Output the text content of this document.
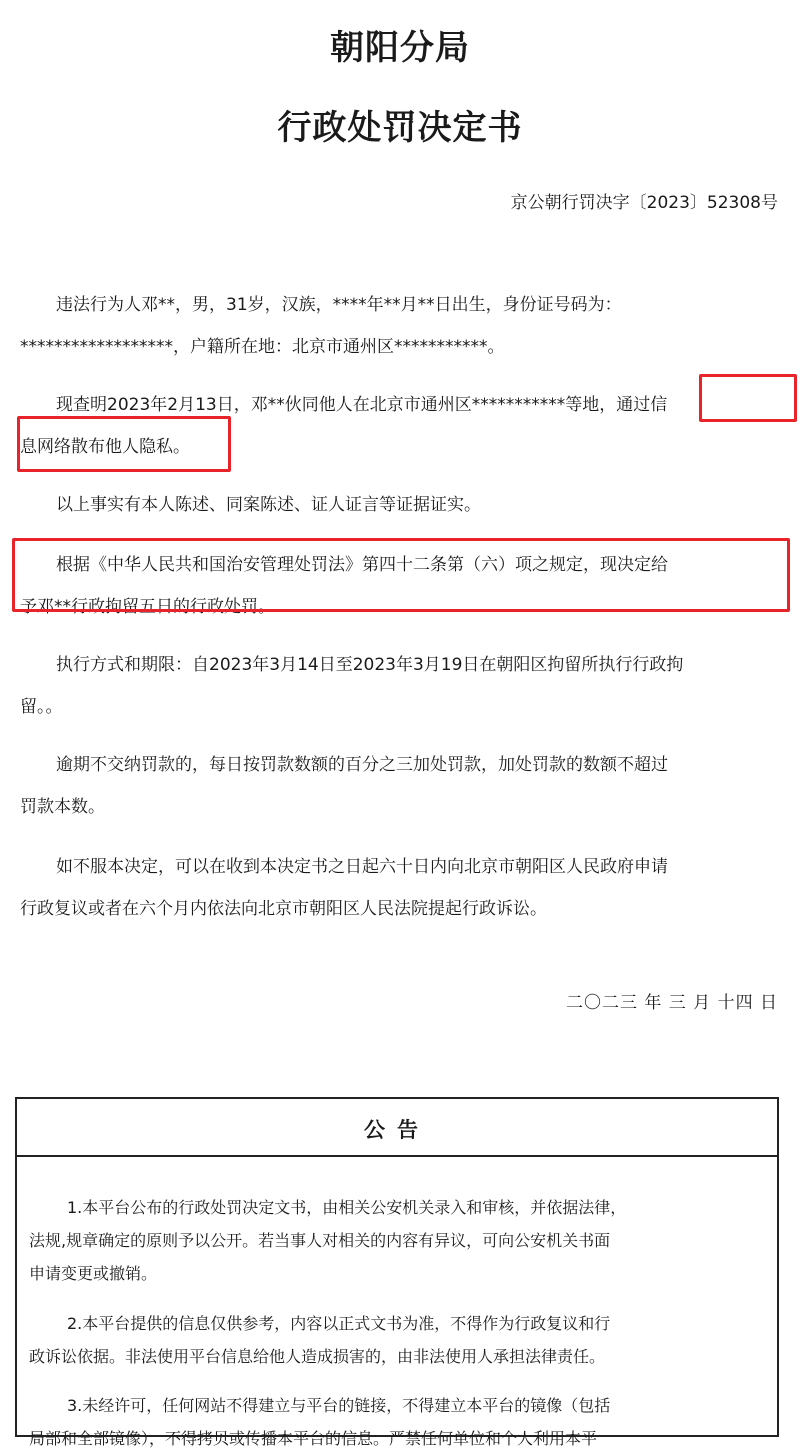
朝阳分局
行政处罚决定书
京公朝行罚决字〔2023〕52308号
违法行为人邓**，男，31岁，汉族，****年**月**日出生，身份证号码为：
******************，户籍所在地：北京市通州区***********。
现查明2023年2月13日，邓**伙同他人在北京市通州区***********等地，通过信
息网络散布他人隐私。
以上事实有本人陈述、同案陈述、证人证言等证据证实。
根据《中华人民共和国治安管理处罚法》第四十二条第（六）项之规定，现决定给
予邓**行政拘留五日的行政处罚。
执行方式和期限：自2023年3月14日至2023年3月19日在朝阳区拘留所执行行政拘
留。。
逾期不交纳罚款的，每日按罚款数额的百分之三加处罚款，加处罚款的数额不超过
罚款本数。
如不服本决定，可以在收到本决定书之日起六十日内向北京市朝阳区人民政府申请
行政复议或者在六个月内依法向北京市朝阳区人民法院提起行政诉讼。
二〇二三 年 三 月 十四 日
公告
1.本平台公布的行政处罚决定文书，由相关公安机关录入和审核，并依据法律，
法规,规章确定的原则予以公开。若当事人对相关的内容有异议，可向公安机关书面
申请变更或撤销。
2.本平台提供的信息仅供参考，内容以正式文书为准，不得作为行政复议和行
政诉讼依据。非法使用平台信息给他人造成损害的，由非法使用人承担法律责任。
3.未经许可，任何网站不得建立与平台的链接，不得建立本平台的镜像（包括
局部和全部镜像），不得拷贝或传播本平台的信息。严禁任何单位和个人利用本平
